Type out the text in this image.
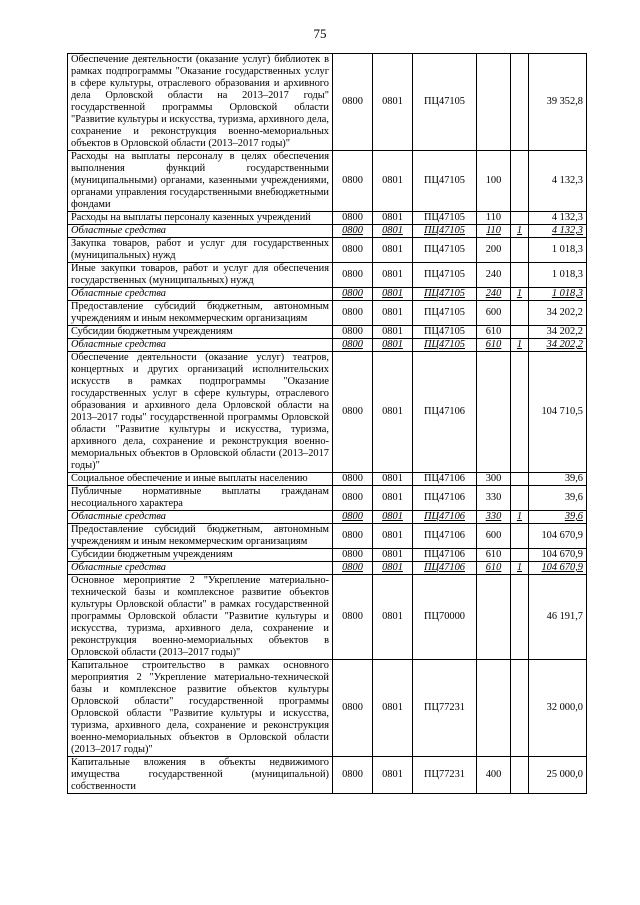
75
Обеспечение деятельности (оказание услуг) библиотек в рамках подпрограммы "Оказание государственных услуг в сфере культуры, отраслевого образования и архивного дела Орловской области на 2013–2017 годы" государственной программы Орловской области "Развитие культуры и искусства, туризма, архивного дела, сохранение и реконструкция военно-мемориальных объектов в Орловской области (2013–2017 годы)"	0800	0801	ПЦ47105			39 352,8
Расходы на выплаты персоналу в целях обеспечения выполнения функций государственными (муниципальными) органами, казенными учреждениями, органами управления государственными внебюджетными фондами	0800	0801	ПЦ47105	100		4 132,3
Расходы на выплаты персоналу казенных учреждений	0800	0801	ПЦ47105	110		4 132,3
Областные средства	0800	0801	ПЦ47105	110	1	4 132,3
Закупка товаров, работ и услуг для государственных (муниципальных) нужд	0800	0801	ПЦ47105	200		1 018,3
Иные закупки товаров, работ и услуг для обеспечения государственных (муниципальных) нужд	0800	0801	ПЦ47105	240		1 018,3
Областные средства	0800	0801	ПЦ47105	240	1	1 018,3
Предоставление субсидий бюджетным, автономным учреждениям и иным некоммерческим организациям	0800	0801	ПЦ47105	600		34 202,2
Субсидии бюджетным учреждениям	0800	0801	ПЦ47105	610		34 202,2
Областные средства	0800	0801	ПЦ47105	610	1	34 202,2
Обеспечение деятельности (оказание услуг) театров, концертных и других организаций исполнительских искусств в рамках подпрограммы "Оказание государственных услуг в сфере культуры, отраслевого образования и архивного дела Орловской области на 2013–2017 годы" государственной программы Орловской области "Развитие культуры и искусства, туризма, архивного дела, сохранение и реконструкция военно-мемориальных объектов в Орловской области (2013–2017 годы)"	0800	0801	ПЦ47106			104 710,5
Социальное обеспечение и иные выплаты населению	0800	0801	ПЦ47106	300		39,6
Публичные нормативные выплаты гражданам несоциального характера	0800	0801	ПЦ47106	330		39,6
Областные средства	0800	0801	ПЦ47106	330	1	39,6
Предоставление субсидий бюджетным, автономным учреждениям и иным некоммерческим организациям	0800	0801	ПЦ47106	600		104 670,9
Субсидии бюджетным учреждениям	0800	0801	ПЦ47106	610		104 670,9
Областные средства	0800	0801	ПЦ47106	610	1	104 670,9
Основное мероприятие 2 "Укрепление материально-технической базы и комплексное развитие объектов культуры Орловской области" в рамках государственной программы Орловской области "Развитие культуры и искусства, туризма, архивного дела, сохранение и реконструкция военно-мемориальных объектов в Орловской области (2013–2017 годы)"	0800	0801	ПЦ70000			46 191,7
Капитальное строительство в рамках основного мероприятия 2 "Укрепление материально-технической базы и комплексное развитие объектов культуры Орловской области" государственной программы Орловской области "Развитие культуры и искусства, туризма, архивного дела, сохранение и реконструкция военно-мемориальных объектов в Орловской области (2013–2017 годы)"	0800	0801	ПЦ77231			32 000,0
Капитальные вложения в объекты недвижимого имущества государственной (муниципальной) собственности	0800	0801	ПЦ77231	400		25 000,0
